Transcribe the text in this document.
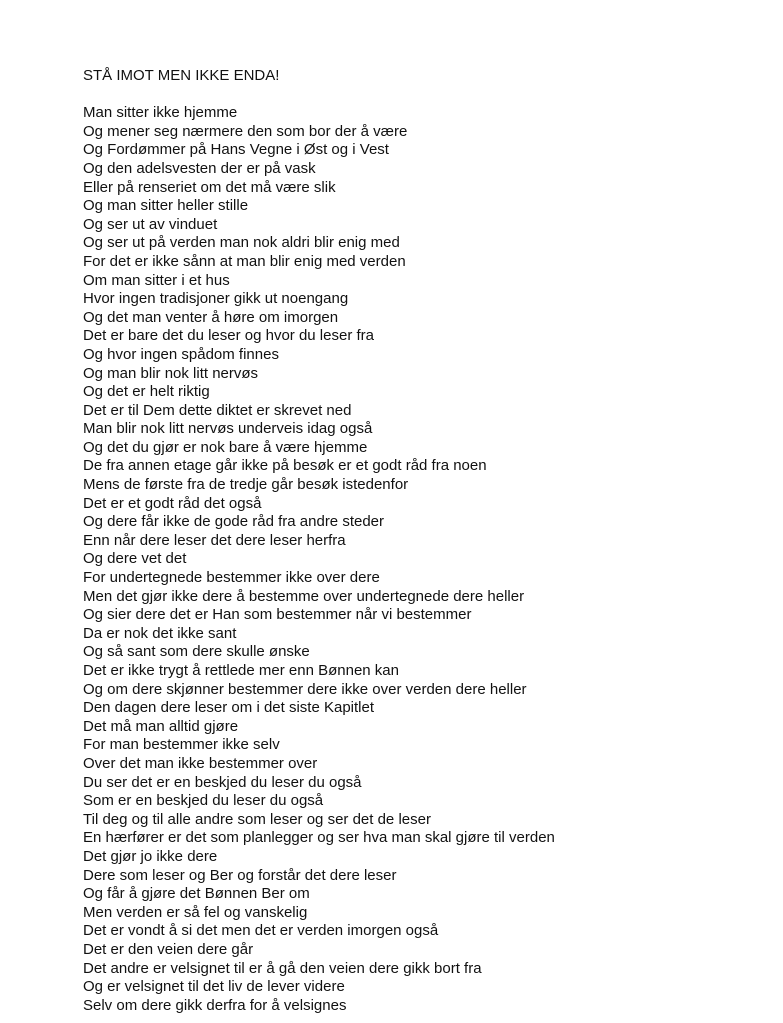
STÅ IMOT MEN IKKE ENDA!
Man sitter ikke hjemme
Og mener seg nærmere den som bor der å være
Og Fordømmer på Hans Vegne i Øst og i Vest
Og den adelsvesten der er på vask
Eller på renseriet om det må være slik
Og man sitter heller stille
Og ser ut av vinduet
Og ser ut på verden man nok aldri blir enig med
For det er ikke sånn at man blir enig med verden
Om man sitter i et hus
Hvor ingen tradisjoner gikk ut noengang
Og det man venter å høre om imorgen
Det er bare det du leser og hvor du leser fra
Og hvor ingen spådom finnes
Og man blir nok litt nervøs
Og det er helt riktig
Det er til Dem dette diktet er skrevet ned
Man blir nok litt nervøs underveis idag også
Og det du gjør er nok bare å være hjemme
De fra annen etage går ikke på besøk er et godt råd fra noen
Mens de første fra de tredje går besøk istedenfor
Det er et godt råd det også
Og dere får ikke de gode råd fra andre steder
Enn når dere leser det dere leser herfra
Og dere vet det
For undertegnede bestemmer ikke over dere
Men det gjør ikke dere å bestemme over undertegnede dere heller
Og sier dere det er Han som bestemmer når vi bestemmer
Da er nok det ikke sant
Og så sant som dere skulle ønske
Det er ikke trygt å rettlede mer enn Bønnen kan
Og om dere skjønner bestemmer dere ikke over verden dere heller
Den dagen dere leser om i det siste Kapitlet
Det må man alltid gjøre
For man bestemmer ikke selv
Over det man ikke bestemmer over
Du ser det er en beskjed du leser du også
Som er en beskjed du leser du også
Til deg og til alle andre som leser og ser det de leser
En hærfører er det som planlegger og ser hva man skal gjøre til verden
Det gjør jo ikke dere
Dere som leser og Ber og forstår det dere leser
Og får å gjøre det Bønnen Ber om
Men verden er så fel og vanskelig
Det er vondt å si det men det er verden imorgen også
Det er den veien dere går
Det andre er velsignet til er å gå den veien dere gikk bort fra
Og er velsignet til det liv de lever videre
Selv om dere gikk derfra for å velsignes
